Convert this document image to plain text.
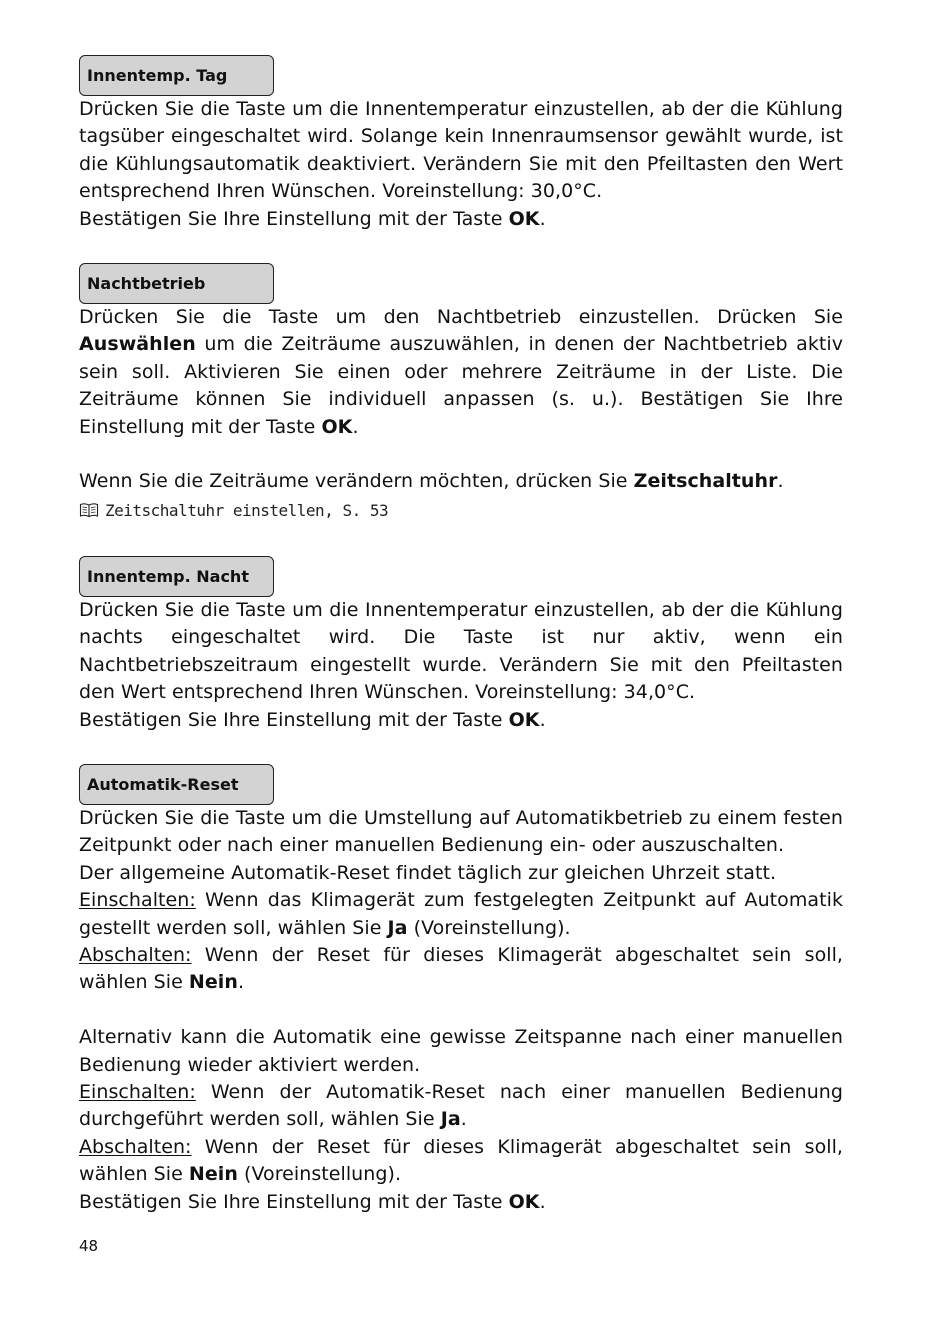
Innentemp. Tag

Drücken Sie die Taste um die Innentemperatur einzustellen, ab der die Kühlung tagsüber eingeschaltet wird. Solange kein Innenraumsensor gewählt wurde, ist die Kühlungsautomatik deaktiviert. Verändern Sie mit den Pfeiltasten den Wert entsprechend Ihren Wünschen. Voreinstellung: 30,0°C.

Bestätigen Sie Ihre Einstellung mit der Taste OK.

Nachtbetrieb

Drücken Sie die Taste um den Nachtbetrieb einzustellen. Drücken Sie Auswählen um die Zeiträume auszuwählen, in denen der Nachtbetrieb aktiv sein soll. Aktivieren Sie einen oder mehrere Zeiträume in der Liste. Die Zeiträume können Sie individuell anpassen (s. u.). Bestätigen Sie Ihre Einstellung mit der Taste OK.

Wenn Sie die Zeiträume verändern möchten, drücken Sie Zeitschaltuhr.

Zeitschaltuhr einstellen, S. 53
Innentemp. Nacht

Drücken Sie die Taste um die Innentemperatur einzustellen, ab der die Kühlung nachts eingeschaltet wird. Die Taste ist nur aktiv, wenn ein Nachtbetriebszeitraum eingestellt wurde. Verändern Sie mit den Pfeiltasten den Wert entsprechend Ihren Wünschen. Voreinstellung: 34,0°C.

Bestätigen Sie Ihre Einstellung mit der Taste OK.

Automatik-Reset

Drücken Sie die Taste um die Umstellung auf Automatikbetrieb zu einem festen Zeitpunkt oder nach einer manuellen Bedienung ein- oder auszuschalten.

Der allgemeine Automatik-Reset findet täglich zur gleichen Uhrzeit statt.

Einschalten: Wenn das Klimagerät zum festgelegten Zeitpunkt auf Automatik gestellt werden soll, wählen Sie Ja (Voreinstellung).

Abschalten: Wenn der Reset für dieses Klimagerät abgeschaltet sein soll, wählen Sie Nein.

Alternativ kann die Automatik eine gewisse Zeitspanne nach einer manuellen Bedienung wieder aktiviert werden.

Einschalten: Wenn der Automatik-Reset nach einer manuellen Bedienung durchgeführt werden soll, wählen Sie Ja.

Abschalten: Wenn der Reset für dieses Klimagerät abgeschaltet sein soll, wählen Sie Nein (Voreinstellung).

Bestätigen Sie Ihre Einstellung mit der Taste OK.

48
